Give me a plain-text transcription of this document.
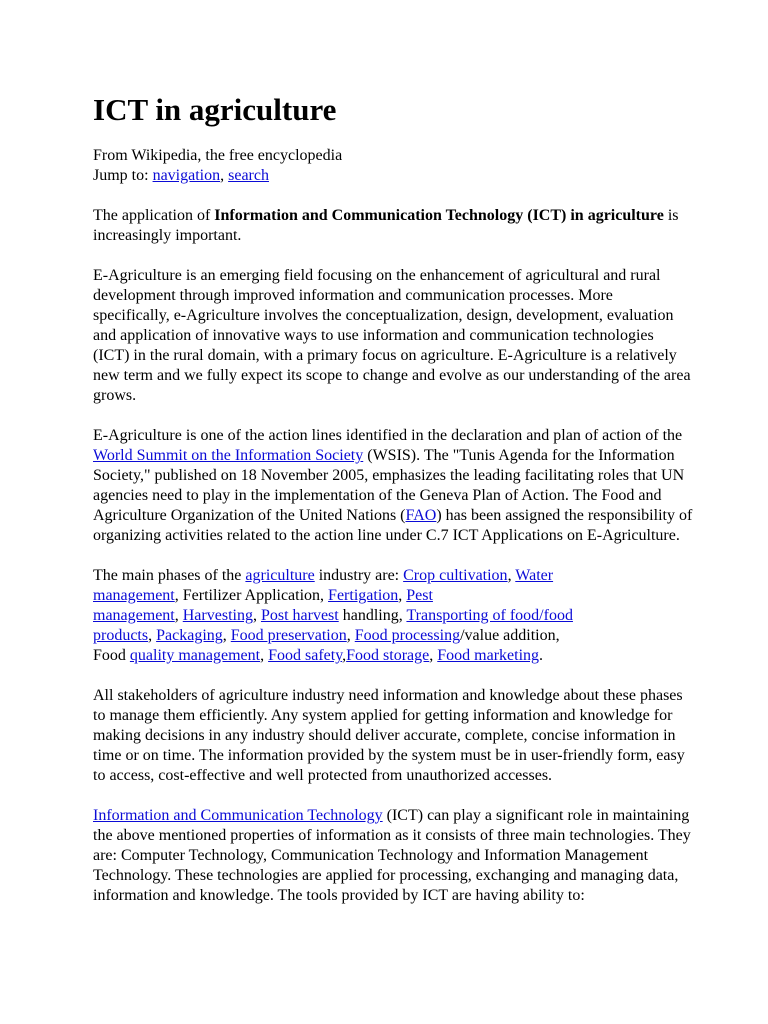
ICT in agriculture

From Wikipedia, the free encyclopedia

Jump to: navigation, search

The application of Information and Communication Technology (ICT) in agriculture is increasingly important.

E-Agriculture is an emerging field focusing on the enhancement of agricultural and rural development through improved information and communication processes. More specifically, e-Agriculture involves the conceptualization, design, development, evaluation and application of innovative ways to use information and communication technologies (ICT) in the rural domain, with a primary focus on agriculture. E-Agriculture is a relatively new term and we fully expect its scope to change and evolve as our understanding of the area grows.

E-Agriculture is one of the action lines identified in the declaration and plan of action of the World Summit on the Information Society (WSIS). The "Tunis Agenda for the Information Society," published on 18 November 2005, emphasizes the leading facilitating roles that UN agencies need to play in the implementation of the Geneva Plan of Action. The Food and Agriculture Organization of the United Nations (FAO) has been assigned the responsibility of organizing activities related to the action line under C.7 ICT Applications on E-Agriculture.

The main phases of the agriculture industry are: Crop cultivation, Water
management, Fertilizer Application, Fertigation, Pest
management, Harvesting, Post harvest handling, Transporting of food/food
products, Packaging, Food preservation, Food processing/value addition,
Food quality management, Food safety,Food storage, Food marketing.

All stakeholders of agriculture industry need information and knowledge about these phases to manage them efficiently. Any system applied for getting information and knowledge for making decisions in any industry should deliver accurate, complete, concise information in time or on time. The information provided by the system must be in user-friendly form, easy to access, cost-effective and well protected from unauthorized accesses.

Information and Communication Technology (ICT) can play a significant role in maintaining the above mentioned properties of information as it consists of three main technologies. They are: Computer Technology, Communication Technology and Information Management Technology. These technologies are applied for processing, exchanging and managing data, information and knowledge. The tools provided by ICT are having ability to:
